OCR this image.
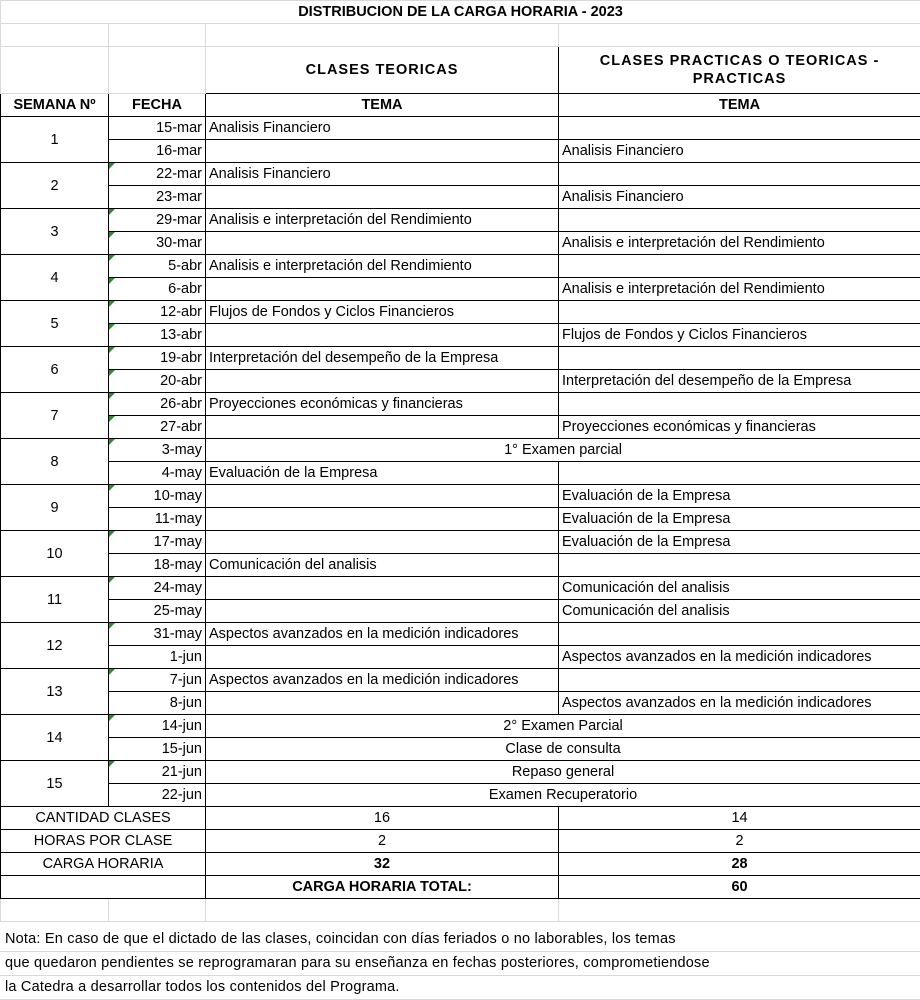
DISTRIBUCION DE LA CARGA HORARIA - 2023			

		CLASES TEORICAS	CLASES PRACTICAS O TEORICAS - PRACTICAS
SEMANA Nº	FECHA	TEMA	TEMA
1	15-mar	Analisis Financiero	
	16-mar		Analisis Financiero
2	22-mar	Analisis Financiero	
	23-mar		Analisis Financiero
3	29-mar	Analisis e interpretación del Rendimiento	
	30-mar		Analisis e interpretación del Rendimiento
4	5-abr	Analisis e interpretación del Rendimiento	
	6-abr		Analisis e interpretación del Rendimiento
5	12-abr	Flujos de Fondos y Ciclos Financieros	
	13-abr		Flujos de Fondos y Ciclos Financieros
6	19-abr	Interpretación del desempeño de la Empresa	
	20-abr		Interpretación del desempeño de la Empresa
7	26-abr	Proyecciones económicas y financieras	
	27-abr		Proyecciones económicas y financieras
8	3-may	1° Examen parcial	
	4-may	Evaluación de la Empresa	
9	10-may		Evaluación de la Empresa
	11-may		Evaluación de la Empresa
10	17-may		Evaluación de la Empresa
	18-may	Comunicación del analisis	
11	24-may		Comunicación del analisis
	25-may		Comunicación del analisis
12	31-may	Aspectos avanzados en la medición indicadores	
	1-jun		Aspectos avanzados en la medición indicadores
13	7-jun	Aspectos avanzados en la medición indicadores	
	8-jun		Aspectos avanzados en la medición indicadores
14	14-jun	2° Examen Parcial	
	15-jun	Clase de consulta	
15	21-jun	Repaso general	
	22-jun	Examen Recuperatorio	
CANTIDAD CLASES		16	14
HORAS POR CLASE		2	2
CARGA HORARIA		32	28
		CARGA HORARIA TOTAL:	60

Nota: En caso de que el dictado de las clases, coincidan con días feriados o no laborables, los temas
que quedaron pendientes se reprogramaran para su enseñanza en fechas posteriores, comprometiendose
la Catedra a desarrollar todos los contenidos del Programa.
